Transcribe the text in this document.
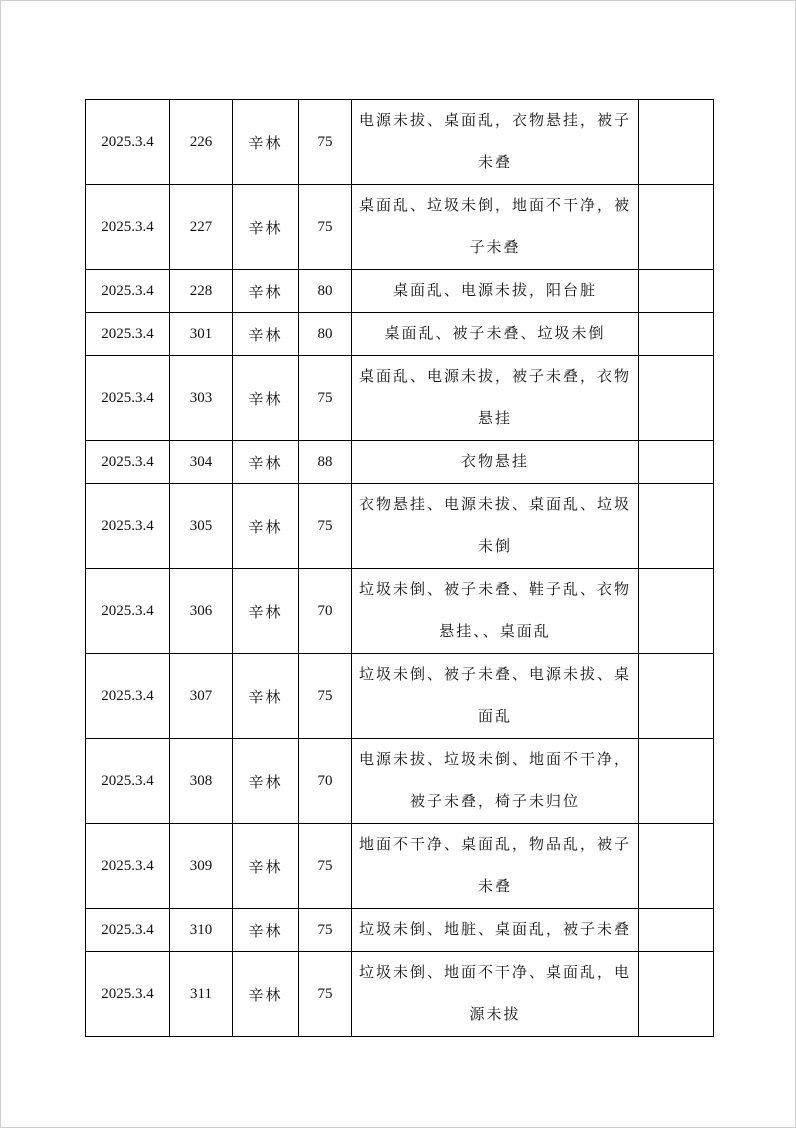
2025.3.4	226	辛林	75	电源未拔、桌面乱，衣物悬挂，被子未叠	
2025.3.4	227	辛林	75	桌面乱、垃圾未倒，地面不干净，被子未叠	
2025.3.4	228	辛林	80	桌面乱、电源未拔，阳台脏	
2025.3.4	301	辛林	80	桌面乱、被子未叠、垃圾未倒	
2025.3.4	303	辛林	75	桌面乱、电源未拔，被子未叠，衣物悬挂	
2025.3.4	304	辛林	88	衣物悬挂	
2025.3.4	305	辛林	75	衣物悬挂、电源未拔、桌面乱、垃圾未倒	
2025.3.4	306	辛林	70	垃圾未倒、被子未叠、鞋子乱、衣物悬挂、、桌面乱	
2025.3.4	307	辛林	75	垃圾未倒、被子未叠、电源未拔、桌面乱	
2025.3.4	308	辛林	70	电源未拔、垃圾未倒、地面不干净，被子未叠，椅子未归位	
2025.3.4	309	辛林	75	地面不干净、桌面乱，物品乱，被子未叠	
2025.3.4	310	辛林	75	垃圾未倒、地脏、桌面乱，被子未叠	
2025.3.4	311	辛林	75	垃圾未倒、地面不干净、桌面乱，电源未拔	
